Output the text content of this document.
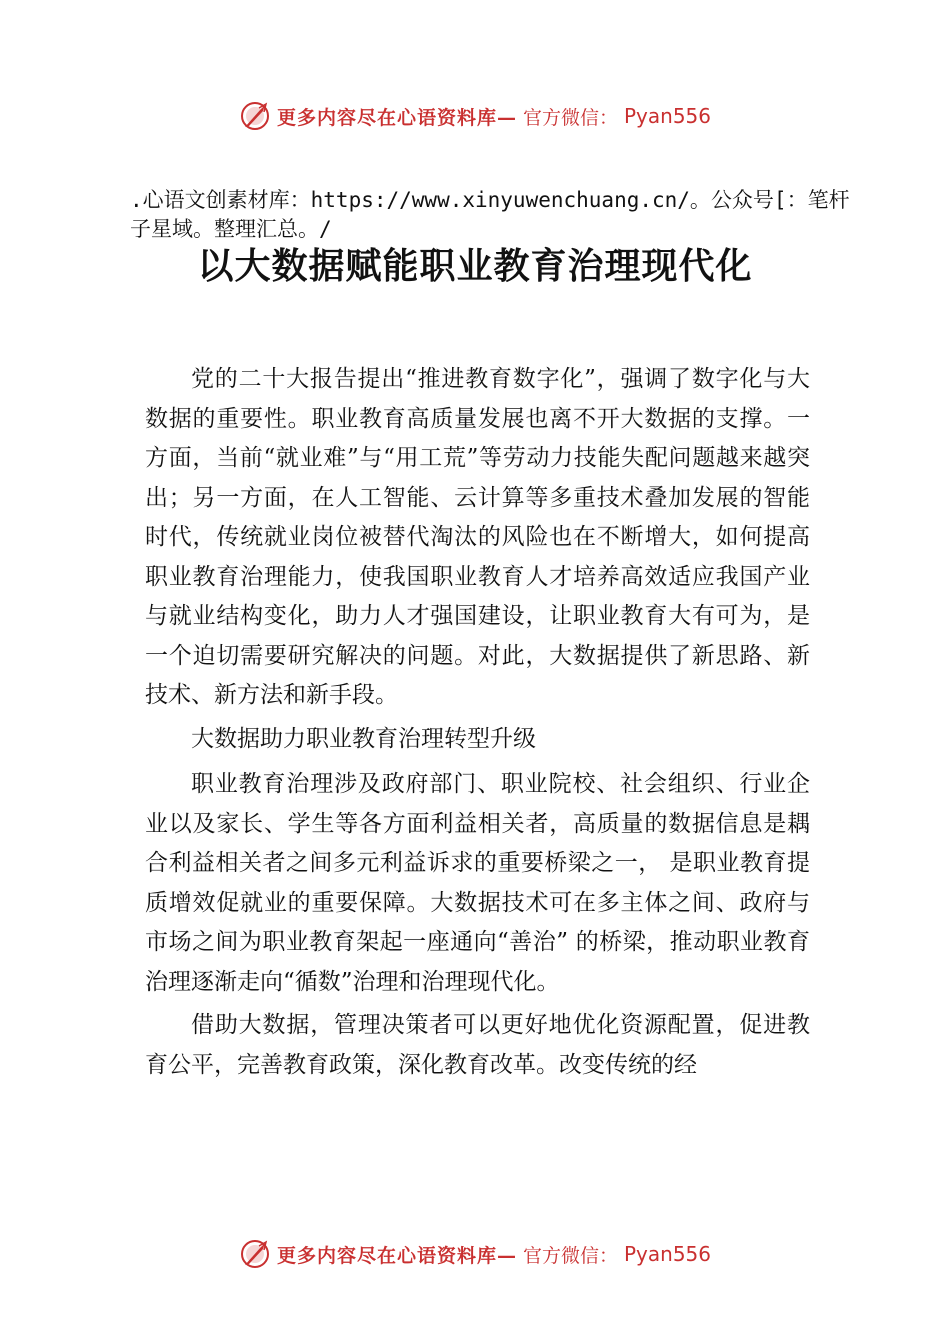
更多内容尽在心语资料库— 官方微信： Pyan556
.心语文创素材库：https://www.xinyuwenchuang.cn/。公众号[：笔杆子星域。整理汇总。/
以大数据赋能职业教育治理现代化

党的二十大报告提出“推进教育数字化”，强调了数字化与大数据的重要性。职业教育高质量发展也离不开大数据的支撑。一方面，当前“就业难”与“用工荒”等劳动力技能失配问题越来越突出；另一方面，在人工智能、云计算等多重技术叠加发展的智能时代，传统就业岗位被替代淘汰的风险也在不断增大，如何提高职业教育治理能力，使我国职业教育人才培养高效适应我国产业与就业结构变化，助力人才强国建设，让职业教育大有可为，是一个迫切需要研究解决的问题。对此，大数据提供了新思路、新技术、新方法和新手段。

大数据助力职业教育治理转型升级

职业教育治理涉及政府部门、职业院校、社会组织、行业企业以及家长、学生等各方面利益相关者，高质量的数据信息是耦合利益相关者之间多元利益诉求的重要桥梁之一， 是职业教育提质增效促就业的重要保障。大数据技术可在多主体之间、政府与市场之间为职业教育架起一座通向“善治” 的桥梁，推动职业教育治理逐渐走向“循数”治理和治理现代化。

借助大数据，管理决策者可以更好地优化资源配置，促进教育公平，完善教育政策，深化教育改革。改变传统的经

更多内容尽在心语资料库— 官方微信： Pyan556
